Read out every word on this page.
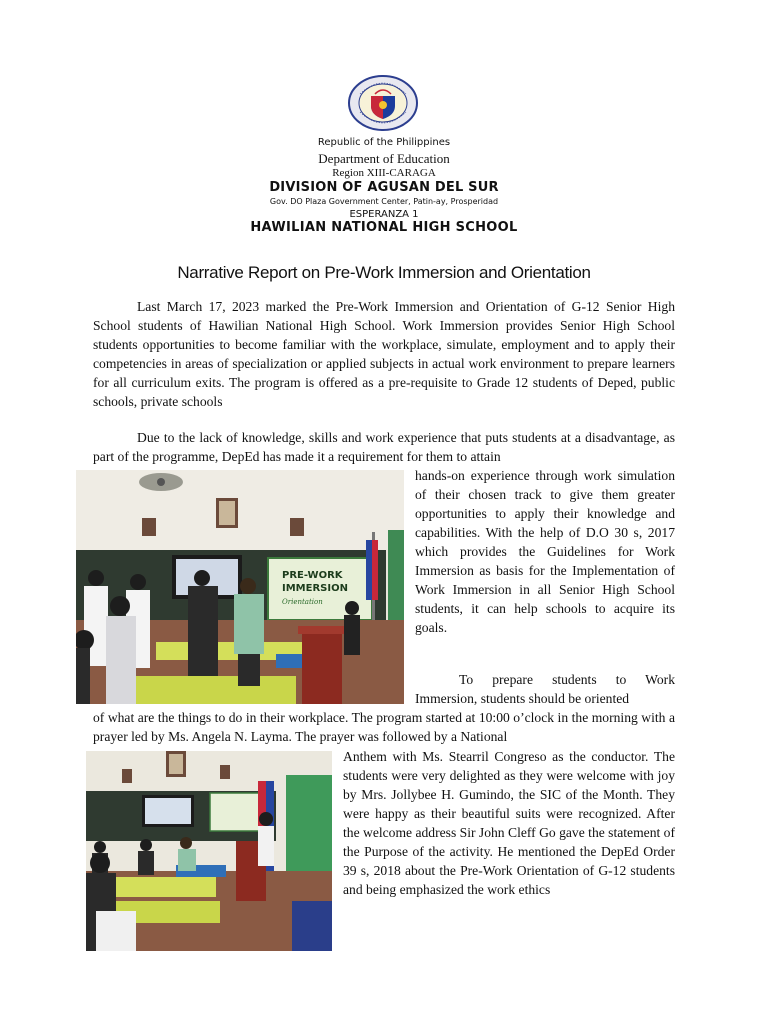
Republic of the Philippines
Department of Education
Region XIII-CARAGA
DIVISION OF AGUSAN DEL SUR
Gov. DO Plaza Government Center, Patin-ay, Prosperidad
ESPERANZA 1
HAWILIAN NATIONAL HIGH SCHOOL
Narrative Report on Pre-Work Immersion and Orientation

Last March 17, 2023 marked the Pre-Work Immersion and Orientation of G-12 Senior High School students of Hawilian National High School. Work Immersion provides Senior High School students opportunities to become familiar with the workplace, simulate, employment and to apply their competencies in areas of specialization or applied subjects in actual work environment to prepare learners for all curriculum exits. The program is offered as a pre-requisite to Grade 12 students of Deped, public schools, private schools

Due to the lack of knowledge, skills and work experience that puts students at a disadvantage, as part of the programme, DepEd has made it a requirement for them to attain

hands-on experience through work simulation of their chosen track to give them greater opportunities to apply their knowledge and capabilities. With the help of D.O 30 s, 2017 which provides the Guidelines for Work Immersion as basis for the Implementation of Work Immersion in all Senior High School students, it can help schools to acquire its goals.

To prepare students to Work Immersion, students should be oriented

of what are the things to do in their workplace. The program started at 10:00 o’clock in the morning with a prayer led by Ms. Angela N. Layma. The prayer was followed by a National

Anthem with Ms. Stearril Congreso as the conductor. The students were very delighted as they were welcome with joy by Mrs. Jollybee H. Gumindo, the SIC of the Month. They were happy as their beautiful suits were recognized. After the welcome address Sir John Cleff Go gave the statement of the Purpose of the activity. He mentioned the DepEd Order 39 s, 2018 about the Pre-Work Orientation of G-12 students and being emphasized the work ethics

PRE-WORK
IMMERSION
Orientation
